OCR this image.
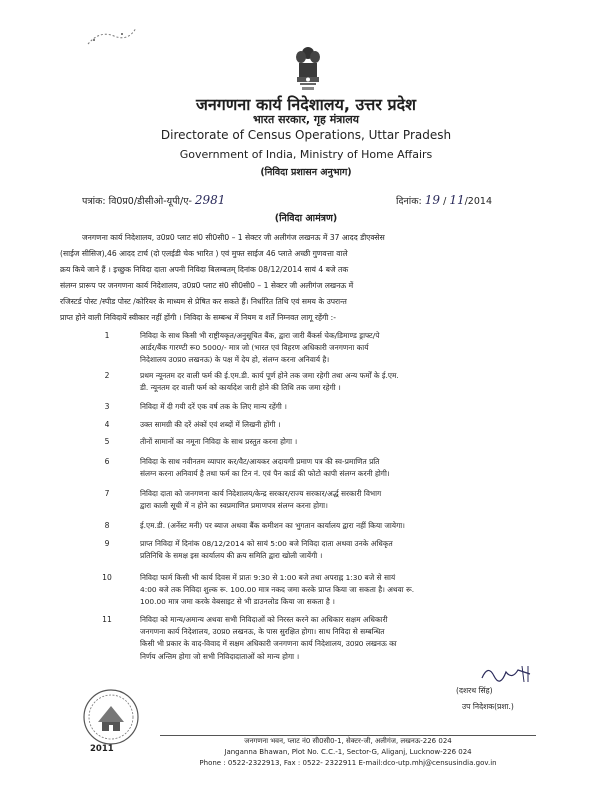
जनगणना कार्य निदेशालय, उत्तर प्रदेश
भारत सरकार, गृह मंत्रालय
Directorate of Census Operations, Uttar Pradesh
Government of India, Ministry of Home Affairs
(निविदा प्रशासन अनुभाग)
पत्रांक: वि0प्र0/डीसीओ-यूपी/ए- 2981	दिनांक: 19 / 11/2014
(निविदा आमंत्रण)
जनगणना कार्य निदेशालय, उ0प्र0 प्लाट सं0 सी0सी0 – 1 सेक्टर जी अलीगंज लखनऊ में 37 आदद डीएक्सेस
(साईज सीसिज),46 आदद टार्च (दो एलईडी चेक भारित ) एवं मुफ्त साईज 46 प्लाते अच्छी गुणवत्ता वाले
क्रय किये जाने हैं । इच्छुक निविदा दाता अपनी निविदा बिलम्बतम् दिनांक 08/12/2014 सायं 4 बजे तक
संलग्न प्रारूप पर जनगणना कार्य निदेशालय, उ0प्र0 प्लाट सं0 सी0सी0 – 1 सेक्टर जी अलीगंज लखनऊ में
रजिस्टर्ड पोस्ट /स्पीड पोस्ट /कोरियर के माध्यम से प्रेषित कर सकते हैं। निर्धारित तिथि एवं समय के उपरान्त
प्राप्त होने वाली निविदायें स्वीकार नहीं होंगी । निविदा के सम्बन्ध में नियम व शर्तें निम्नवत लागू रहेंगी :-
1	निविदा के साथ किसी भी राष्ट्रीयकृत/अनुसूचित बैंक, द्वारा जारी बैंकर्स चेक/डिमाण्ड ड्राफ्ट/पे
आर्डर/बैंक गारण्टी रू0 5000/- मात्र जो (भारत एवं विहरण अधिकारी जनगणना कार्य
निदेशालय उ0प्र0 लखनऊ) के पक्ष में देय हो, संलग्न करना अनिवार्य है।
2	प्रथम न्यूनतम दर वाली फर्म की ई.एम.डी. कार्य पूर्ण होने तक जमा रहेगी तथा अन्य फर्मों के ई.एम.
डी. न्यूनतम दर वाली फर्म को कार्यादेश जारी होने की तिथि तक जमा रहेगी ।
3	निविदा में दी गयी दरें एक वर्ष तक के लिए मान्य रहेंगी ।
4	उक्त सामग्री की दरें अंकों एवं शब्दों में लिखनी होंगी ।
5	तीनों सामानों का नमूना निविदा के साथ प्रस्तुत करना होगा ।
6	निविदा के साथ नवीनतम व्यापार कर/वैट/आयकर अदायगी प्रमाण पत्र की स्व-प्रमाणित प्रति
संलग्न करना अनिवार्य है तथा फर्म का टिन नं. एवं पैन कार्ड की फोटो कापी संलग्न करनी होगी।
7	निविदा दाता को जनगणना कार्य निदेशालय/केन्द्र सरकार/राज्य सरकार/अर्द्ध सरकारी विभाग
द्वारा काली सूची में न होने का स्वप्रमाणित प्रमाणपत्र संलग्न करना होगा।
8	ई.एम.डी. (अर्नेस्ट मनी) पर ब्याज अथवा बैंक कमीशन का भुगतान कार्यालय द्वारा नहीं किया जायेगा।
9	प्राप्त निविदा में दिनांक 08/12/2014 को सायं 5:00 बजे निविदा दाता अथवा उनके अधिकृत
प्रतिनिधि के समक्ष इस कार्यालय की क्रय समिति द्वारा खोली जायेंगी ।
10	निविदा फार्म किसी भी कार्य दिवस में प्रातः 9:30 से 1:00 बजे तथा अपराह्न 1:30 बजे से सायं
4:00 बजे तक निविदा शुल्क रू. 100.00 मात्र नकद जमा करके प्राप्त किया जा सकता है। अथवा रू.
100.00 मात्र जमा करके वेबसाइट से भी डाउनलोड किया जा सकता है ।
11	निविदा को मान्य/अमान्य अथवा सभी निविदाओं को निरस्त करने का अधिकार सक्षम अधिकारी
जनगणना कार्य निदेशालय, उ0प्र0 लखनऊ, के पास सुरक्षित होगा। साथ निविदा से सम्बन्धित
किसी भी प्रकार के वाद-विवाद में सक्षम अधिकारी जनगणना कार्य निदेशालय, उ0प्र0 लखनऊ का
निर्णय अन्तिम होगा जो सभी निविदादाताओं को मान्य होगा ।
(दशरथ सिंह)
उप निदेशक(प्रशा.)
2011
जनगणना भवन, प्लाट नं0 सी0सी0-1, सेक्टर-जी, अलीगंज, लखनऊ-226 024
Janganna Bhawan, Plot No. C.C.-1, Sector-G, Aliganj, Lucknow-226 024
Phone : 0522-2322913, Fax : 0522- 2322911 E-mail:dco-utp.mhj@censusindia.gov.in
